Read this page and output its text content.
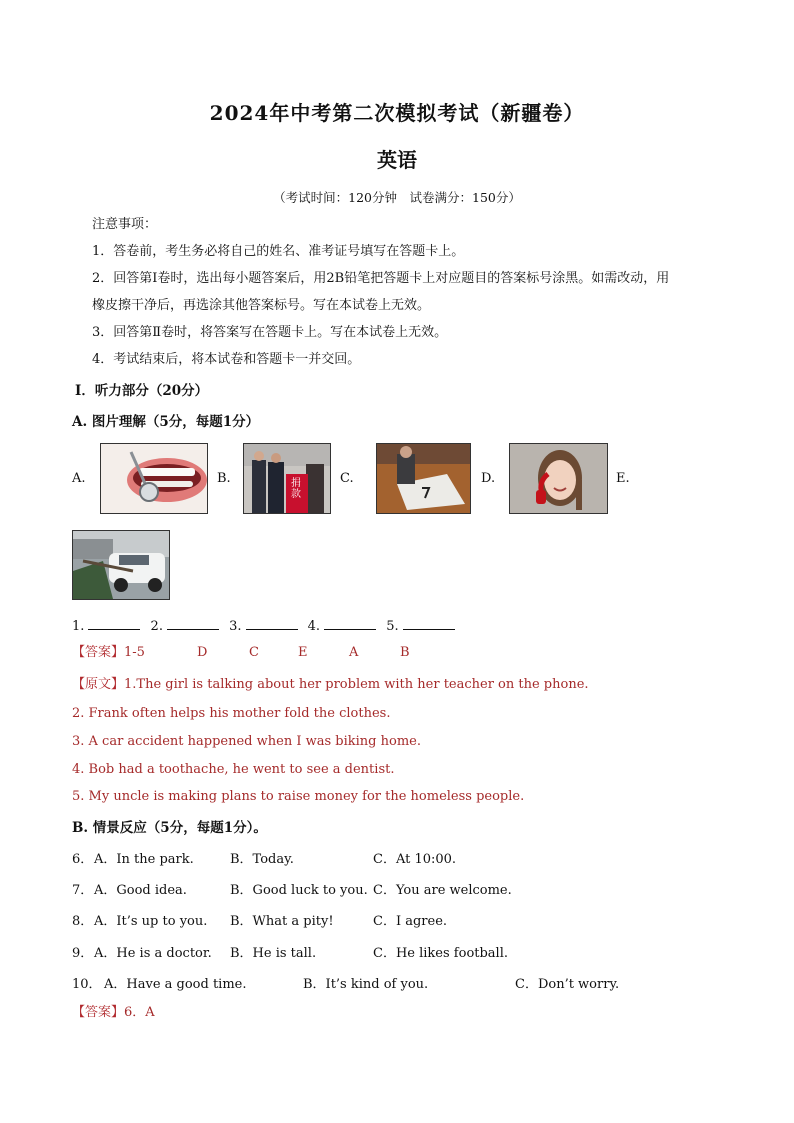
2024年中考第二次模拟考试（新疆卷）
英语
（考试时间：120分钟　试卷满分：150分）
注意事项：
1．答卷前，考生务必将自己的姓名、准考证号填写在答题卡上。
2．回答第Ⅰ卷时，选出每小题答案后，用2B铅笔把答题卡上对应题目的答案标号涂黑。如需改动，用
橡皮擦干净后，再选涂其他答案标号。写在本试卷上无效。
3．回答第Ⅱ卷时，将答案写在答题卡上。写在本试卷上无效。
4．考试结束后，将本试卷和答题卡一并交回。
Ⅰ．听力部分（20分）
A. 图片理解（5分，每题1分）
A.	B.	捐款
C.	D.	E.
1.	2.	3.	4.	5.
【答案】1-5	D	C	E	A	B
【原文】1.The girl is talking about her problem with her teacher on the phone.
2. Frank often helps his mother fold the clothes.
3. A car accident happened when I was biking home.
4. Bob had a toothache, he went to see a dentist.
5. My uncle is making plans to raise money for the homeless people.
B. 情景反应（5分，每题1分）。
6． A．In the park.	B．Today.	C．At 10:00.
7． A．Good idea.	B．Good luck to you. C．You are welcome.
8． A．It’s up to you. B．What a pity!	C．I agree.
9． A．He is a doctor. B．He is tall.	C．He likes football.
10． A．Have a good time.	B．It’s kind of you.	C．Don’t worry.
【答案】6．A
